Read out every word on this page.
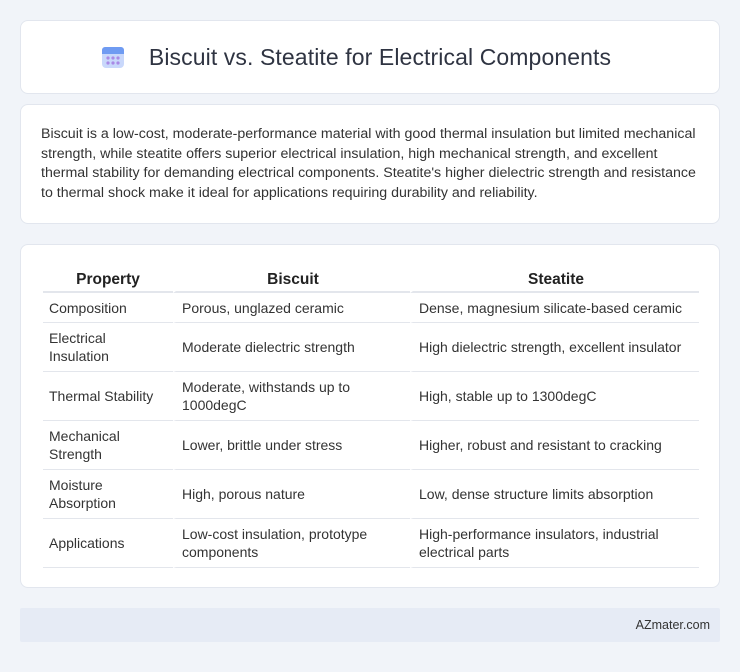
Biscuit vs. Steatite for Electrical Components

Biscuit is a low-cost, moderate-performance material with good thermal insulation but limited mechanical strength, while steatite offers superior electrical insulation, high mechanical strength, and excellent thermal stability for demanding electrical components. Steatite's higher dielectric strength and resistance to thermal shock make it ideal for applications requiring durability and reliability.

Property	Biscuit	Steatite
Composition	Porous, unglazed ceramic	Dense, magnesium silicate-based ceramic
Electrical Insulation	Moderate dielectric strength	High dielectric strength, excellent insulator
Thermal Stability	Moderate, withstands up to 1000degC	High, stable up to 1300degC
Mechanical Strength	Lower, brittle under stress	Higher, robust and resistant to cracking
Moisture Absorption	High, porous nature	Low, dense structure limits absorption
Applications	Low-cost insulation, prototype components	High-performance insulators, industrial electrical parts
AZmater.com
